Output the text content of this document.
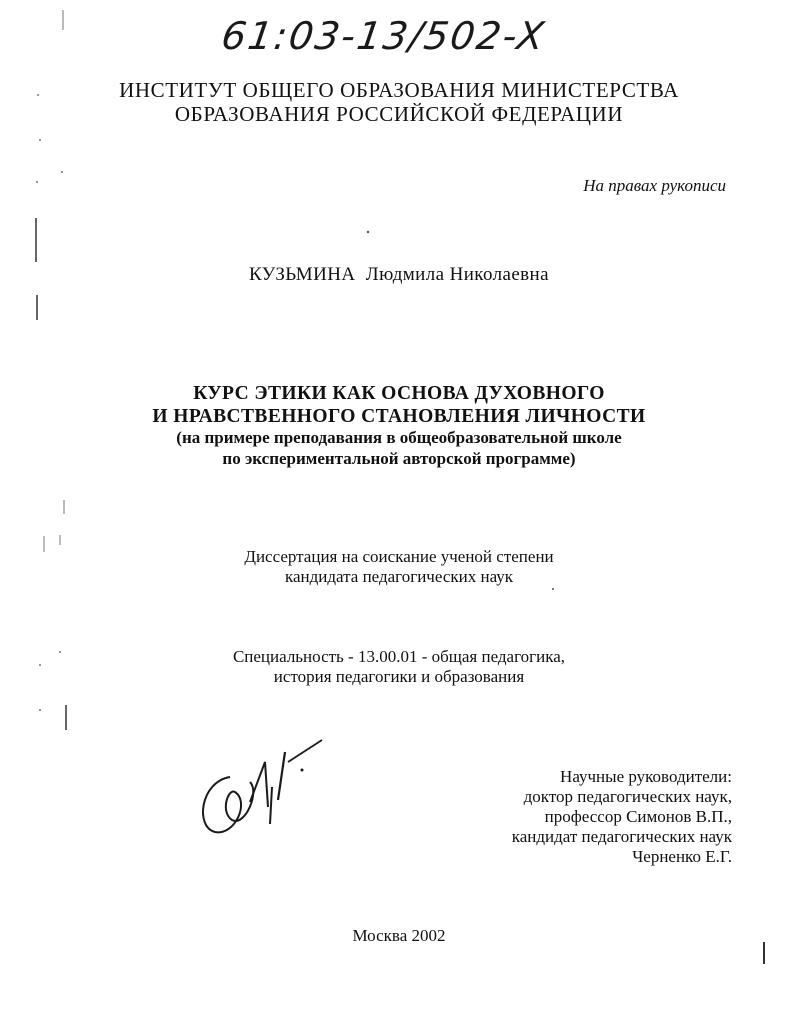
61:03-13/502-X
ИНСТИТУТ ОБЩЕГО ОБРАЗОВАНИЯ МИНИСТЕРСТВА
ОБРАЗОВАНИЯ РОССИЙСКОЙ ФЕДЕРАЦИИ
На правах рукописи
КУЗЬМИНА Людмила Николаевна
КУРС ЭТИКИ КАК ОСНОВА ДУХОВНОГО
И НРАВСТВЕННОГО СТАНОВЛЕНИЯ ЛИЧНОСТИ
(на примере преподавания в общеобразовательной школе
по экспериментальной авторской программе)
Диссертация на соискание ученой степени
кандидата педагогических наук
Специальность - 13.00.01 - общая педагогика,
история педагогики и образования
Научные руководители:
доктор педагогических наук,
профессор Симонов В.П.,
кандидат педагогических наук
Черненко Е.Г.
Москва 2002
